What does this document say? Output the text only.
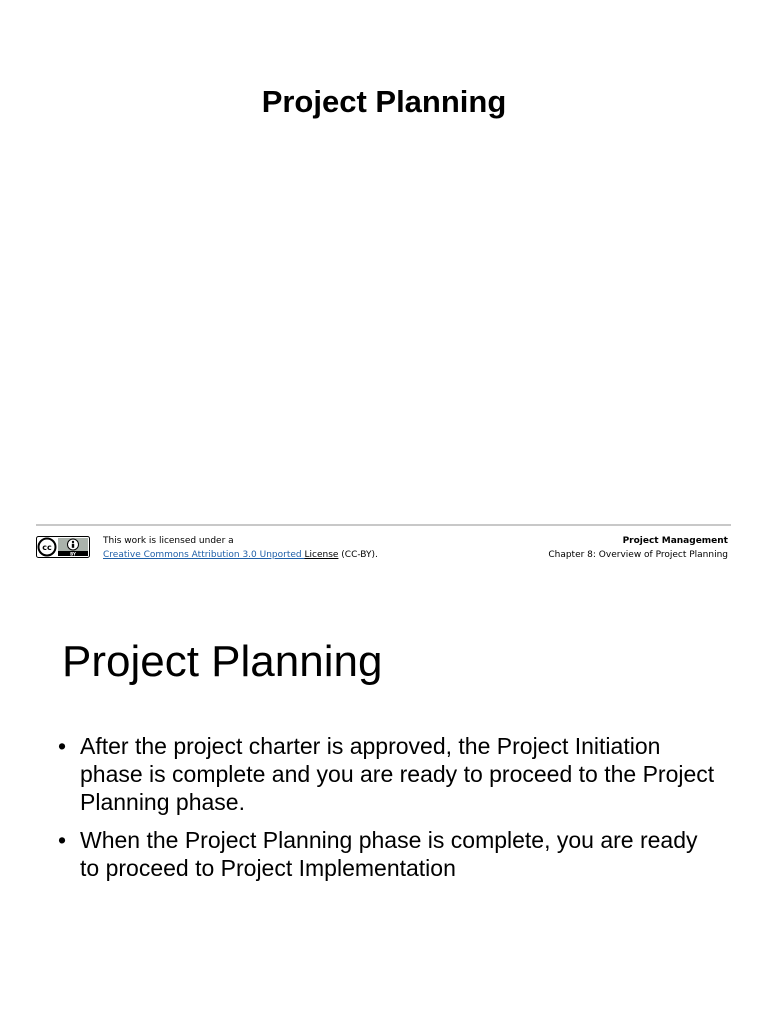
Project Planning
cc
BY
This work is licensed under a
Creative Commons Attribution 3.0 Unported License (CC-BY).
Project Management
Chapter 8: Overview of Project Planning
Project Planning
• After the project charter is approved, the Project Initiation phase is complete and you are ready to proceed to the Project Planning phase.
• When the Project Planning phase is complete, you are ready to proceed to Project Implementation
